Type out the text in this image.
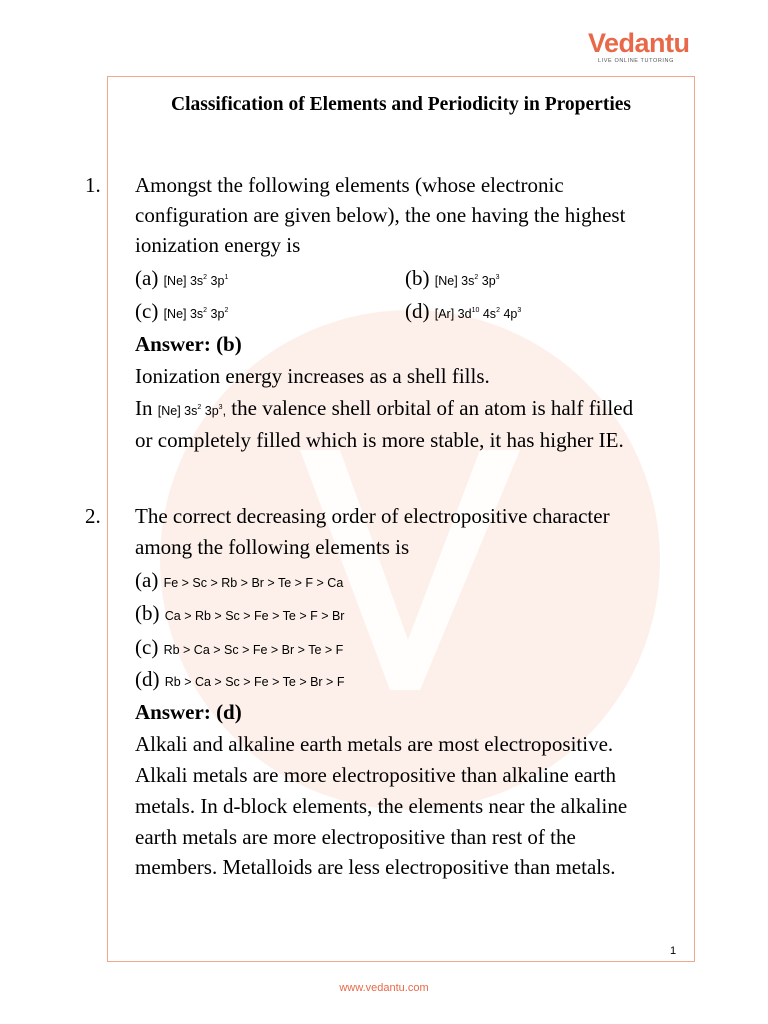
Vedantu
LIVE ONLINE TUTORING
Classification of Elements and Periodicity in Properties
1. Amongst the following elements (whose electronic
configuration are given below), the one having the highest
ionization energy is
(a) [Ne] $3s^2$ $3p^1$	(b) [Ne] $3s^2$ $3p^3$
(c) [Ne] $3s^2$ $3p^2$	(d) [Ar] $3d^{10}$ $4s^2$ $4p^3$
Answer: (b)
Ionization energy increases as a shell fills.
In [Ne] $3s^2$ $3p^3$, the valence shell orbital of an atom is half filled
or completely filled which is more stable, it has higher IE.
2. The correct decreasing order of electropositive character
among the following elements is
(a) Fe > Sc > Rb > Br > Te > F > Ca
(b) Ca > Rb > Sc > Fe > Te > F > Br
(c) Rb > Ca > Sc > Fe > Br > Te > F
(d) Rb > Ca > Sc > Fe > Te > Br > F
Answer: (d)
Alkali and alkaline earth metals are most electropositive.
Alkali metals are more electropositive than alkaline earth
metals. In d-block elements, the elements near the alkaline
earth metals are more electropositive than rest of the
members. Metalloids are less electropositive than metals.
1
www.vedantu.com
